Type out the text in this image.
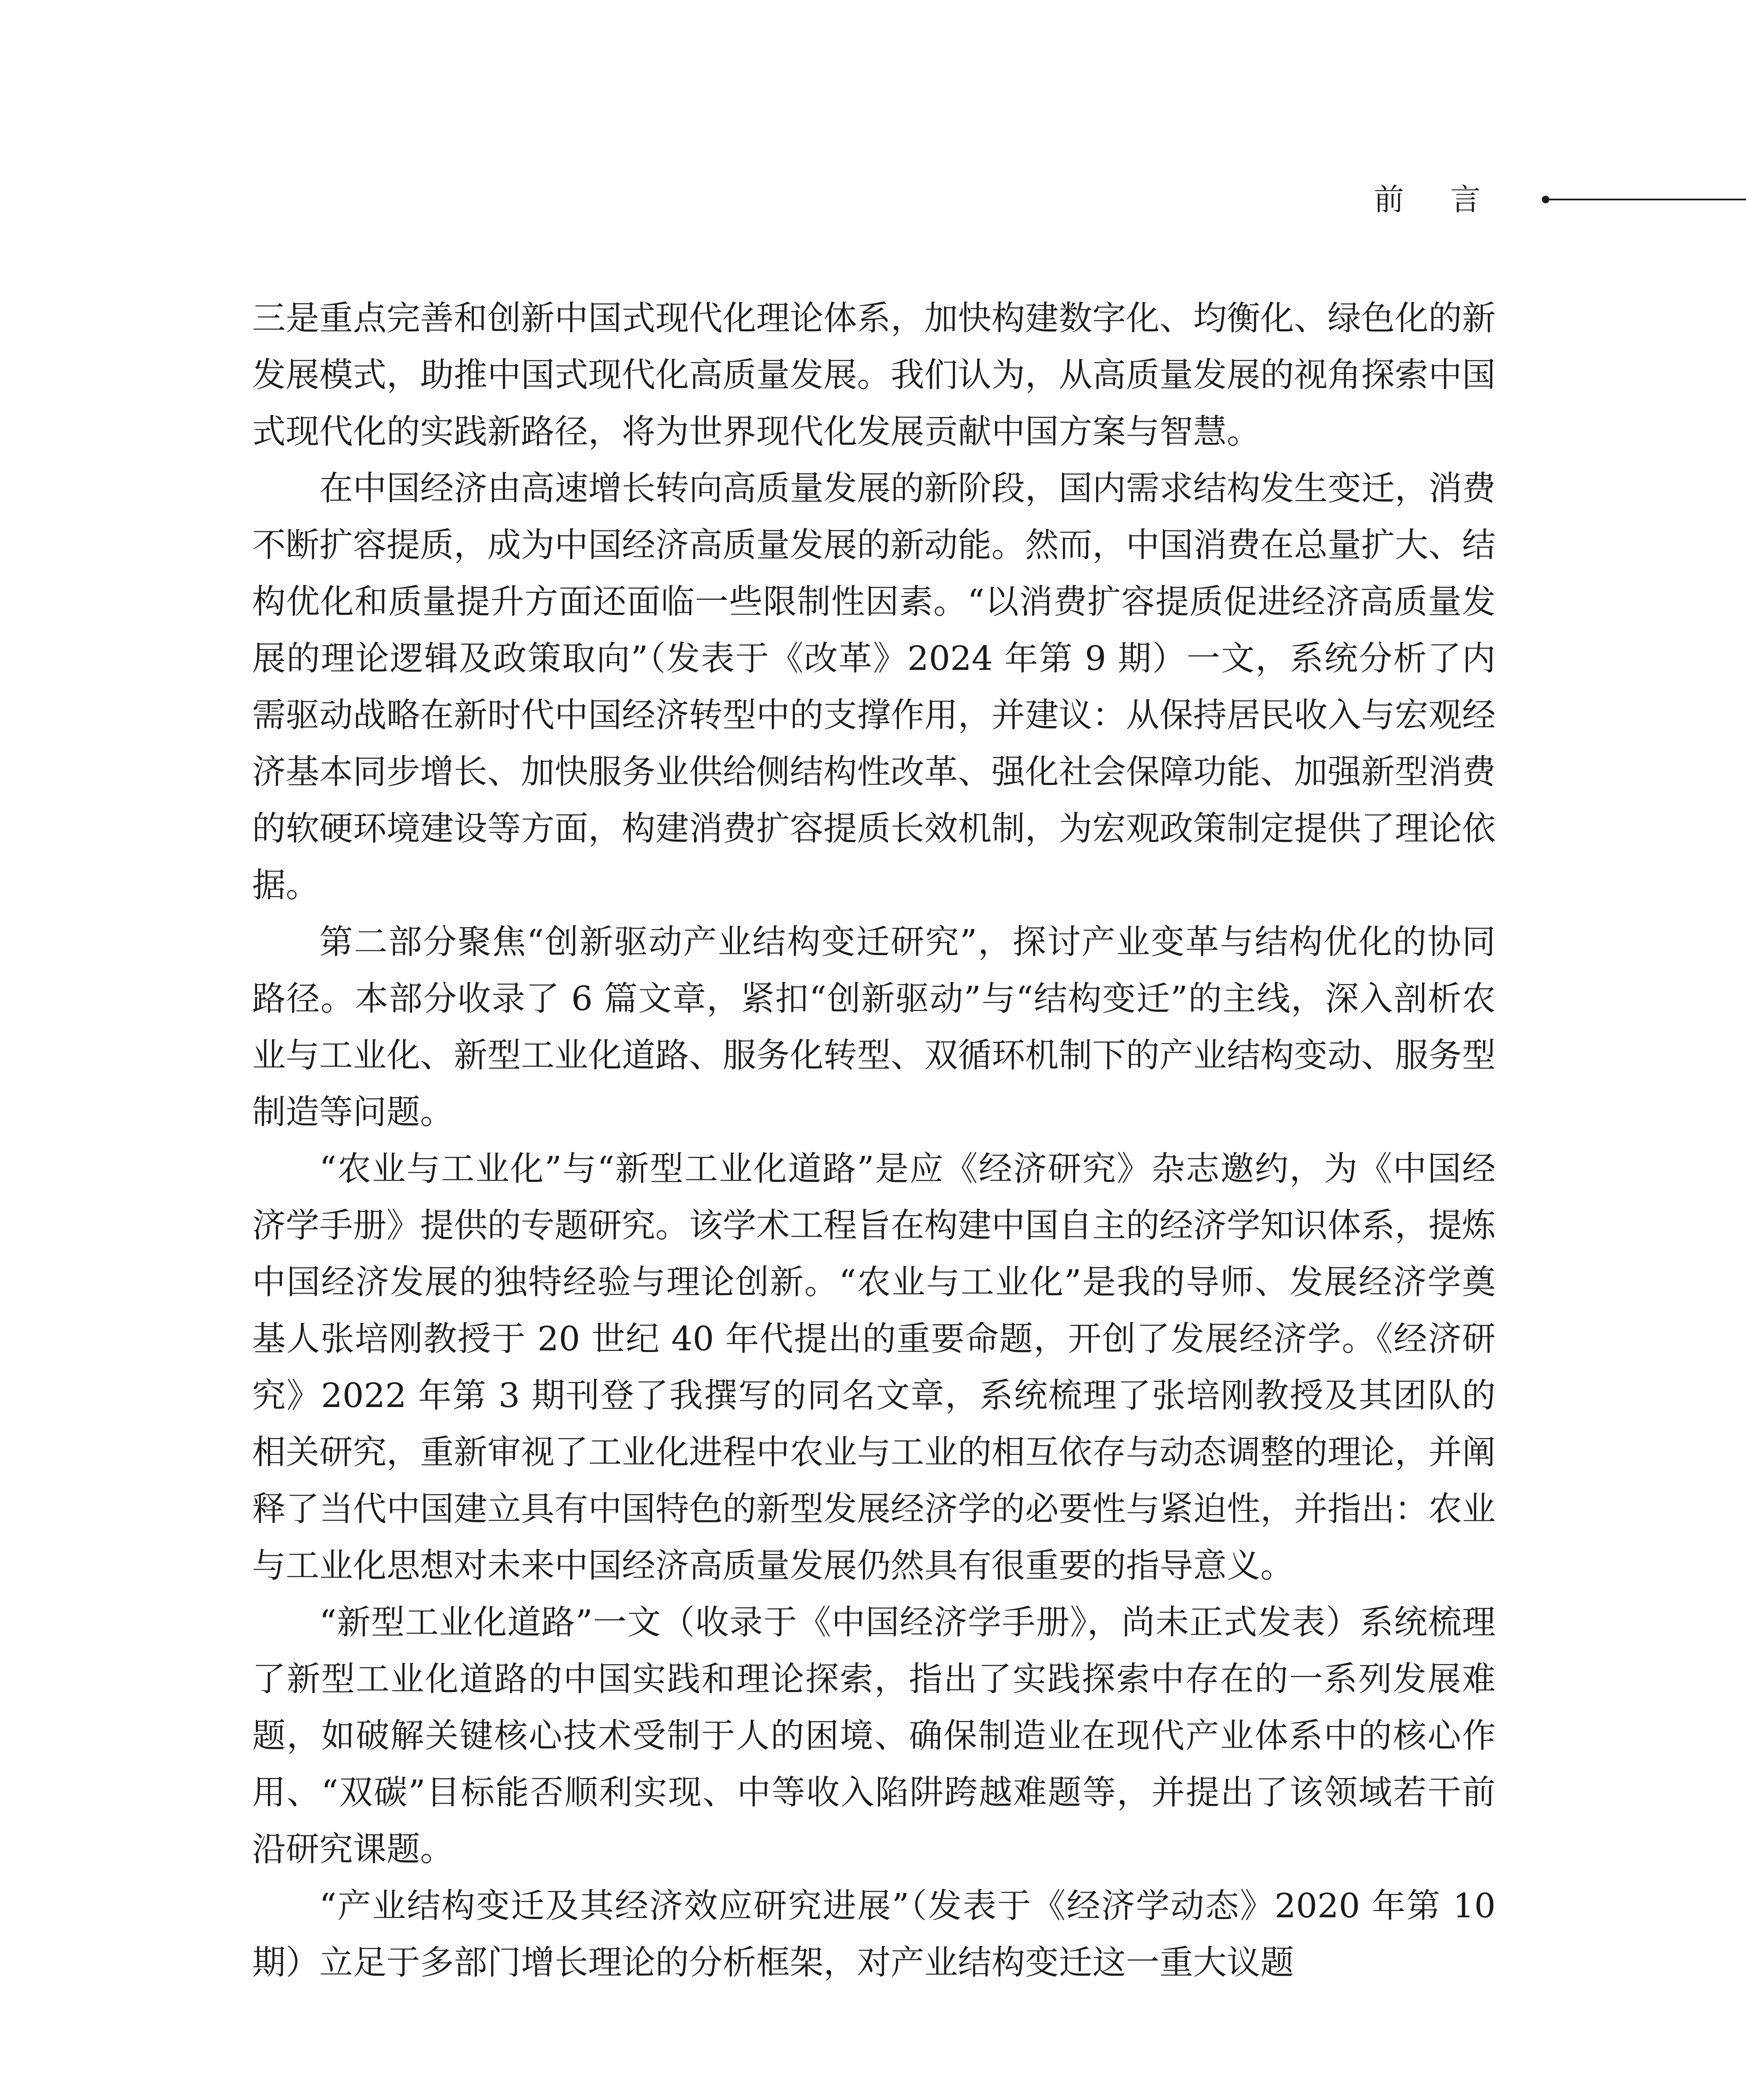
前言

三是重点完善和创新中国式现代化理论体系，加快构建数字化、均衡化、绿色化的新发展模式，助推中国式现代化高质量发展。我们认为，从高质量发展的视角探索中国式现代化的实践新路径，将为世界现代化发展贡献中国方案与智慧。

在中国经济由高速增长转向高质量发展的新阶段，国内需求结构发生变迁，消费不断扩容提质，成为中国经济高质量发展的新动能。然而，中国消费在总量扩大、结构优化和质量提升方面还面临一些限制性因素。“以消费扩容提质促进经济高质量发展的理论逻辑及政策取向”（发表于《改革》2024 年第 9 期）一文，系统分析了内需驱动战略在新时代中国经济转型中的支撑作用，并建议：从保持居民收入与宏观经济基本同步增长、加快服务业供给侧结构性改革、强化社会保障功能、加强新型消费的软硬环境建设等方面，构建消费扩容提质长效机制，为宏观政策制定提供了理论依据。

第二部分聚焦“创新驱动产业结构变迁研究”，探讨产业变革与结构优化的协同路径。本部分收录了 6 篇文章，紧扣“创新驱动”与“结构变迁”的主线，深入剖析农业与工业化、新型工业化道路、服务化转型、双循环机制下的产业结构变动、服务型制造等问题。

“农业与工业化”与“新型工业化道路”是应《经济研究》杂志邀约，为《中国经济学手册》提供的专题研究。该学术工程旨在构建中国自主的经济学知识体系，提炼中国经济发展的独特经验与理论创新。“农业与工业化”是我的导师、发展经济学奠基人张培刚教授于 20 世纪 40 年代提出的重要命题，开创了发展经济学。《经济研究》2022 年第 3 期刊登了我撰写的同名文章，系统梳理了张培刚教授及其团队的相关研究，重新审视了工业化进程中农业与工业的相互依存与动态调整的理论，并阐释了当代中国建立具有中国特色的新型发展经济学的必要性与紧迫性，并指出：农业与工业化思想对未来中国经济高质量发展仍然具有很重要的指导意义。

“新型工业化道路”一文（收录于《中国经济学手册》，尚未正式发表）系统梳理了新型工业化道路的中国实践和理论探索，指出了实践探索中存在的一系列发展难题，如破解关键核心技术受制于人的困境、确保制造业在现代产业体系中的核心作用、“双碳”目标能否顺利实现、中等收入陷阱跨越难题等，并提出了该领域若干前沿研究课题。

“产业结构变迁及其经济效应研究进展”（发表于《经济学动态》2020 年第 10 期）立足于多部门增长理论的分析框架，对产业结构变迁这一重大议题
